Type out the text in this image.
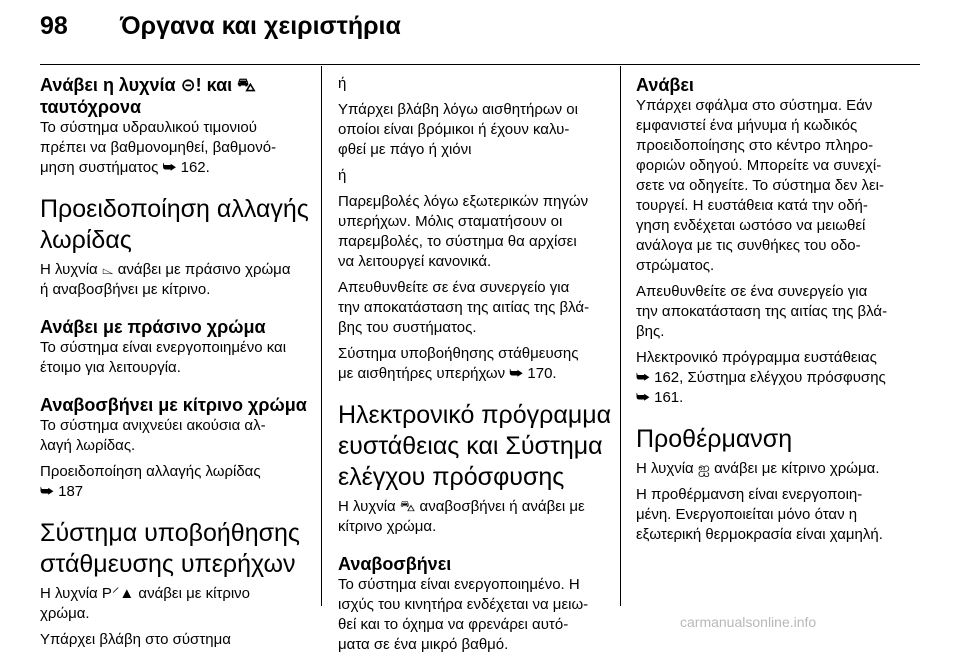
98 Όργανα και χειριστήρια
Ανάβει η λυχνία ⊝! και ⛍
ταυτόχρονα

Το σύστημα υδραυλικού τιμονιού
πρέπει να βαθμονομηθεί, βαθμονό-
μηση συστήματος ⮩ 162.

Προειδοποίηση αλλαγής
λωρίδας

Η λυχνία ⌳ ανάβει με πράσινο χρώμα
ή αναβοσβήνει με κίτρινο.

Ανάβει με πράσινο χρώμα

Το σύστημα είναι ενεργοποιημένο και
έτοιμο για λειτουργία.

Αναβοσβήνει με κίτρινο χρώμα

Το σύστημα ανιχνεύει ακούσια αλ-
λαγή λωρίδας.

Προειδοποίηση αλλαγής λωρίδας
⮩ 187

Σύστημα υποβοήθησης
στάθμευσης υπερήχων

Η λυχνία P⸍▲ ανάβει με κίτρινο
χρώμα.

Υπάρχει βλάβη στο σύστημα

ή

Υπάρχει βλάβη λόγω αισθητήρων οι
οποίοι είναι βρόμικοι ή έχουν καλυ-
φθεί με πάγο ή χιόνι

ή

Παρεμβολές λόγω εξωτερικών πηγών
υπερήχων. Μόλις σταματήσουν οι
παρεμβολές, το σύστημα θα αρχίσει
να λειτουργεί κανονικά.

Απευθυνθείτε σε ένα συνεργείο για
την αποκατάσταση της αιτίας της βλά-
βης του συστήματος.

Σύστημα υποβοήθησης στάθμευσης
με αισθητήρες υπερήχων ⮩ 170.

Ηλεκτρονικό πρόγραμμα
ευστάθειας και Σύστημα
ελέγχου πρόσφυσης

Η λυχνία ⛍ αναβοσβήνει ή ανάβει με
κίτρινο χρώμα.

Αναβοσβήνει

Το σύστημα είναι ενεργοποιημένο. Η
ισχύς του κινητήρα ενδέχεται να μειω-
θεί και το όχημα να φρενάρει αυτό-
ματα σε ένα μικρό βαθμό.

Ανάβει

Υπάρχει σφάλμα στο σύστημα. Εάν
εμφανιστεί ένα μήνυμα ή κωδικός
προειδοποίησης στο κέντρο πληρο-
φοριών οδηγού. Μπορείτε να συνεχί-
σετε να οδηγείτε. Το σύστημα δεν λει-
τουργεί. Η ευστάθεια κατά την οδή-
γηση ενδέχεται ωστόσο να μειωθεί
ανάλογα με τις συνθήκες του οδο-
στρώματος.

Απευθυνθείτε σε ένα συνεργείο για
την αποκατάσταση της αιτίας της βλά-
βης.

Ηλεκτρονικό πρόγραμμα ευστάθειας
⮩ 162, Σύστημα ελέγχου πρόσφυσης
⮩ 161.

Προθέρμανση

Η λυχνία ஐ ανάβει με κίτρινο χρώμα.

Η προθέρμανση είναι ενεργοποιη-
μένη. Ενεργοποιείται μόνο όταν η
εξωτερική θερμοκρασία είναι χαμηλή.

carmanualsonline.info
